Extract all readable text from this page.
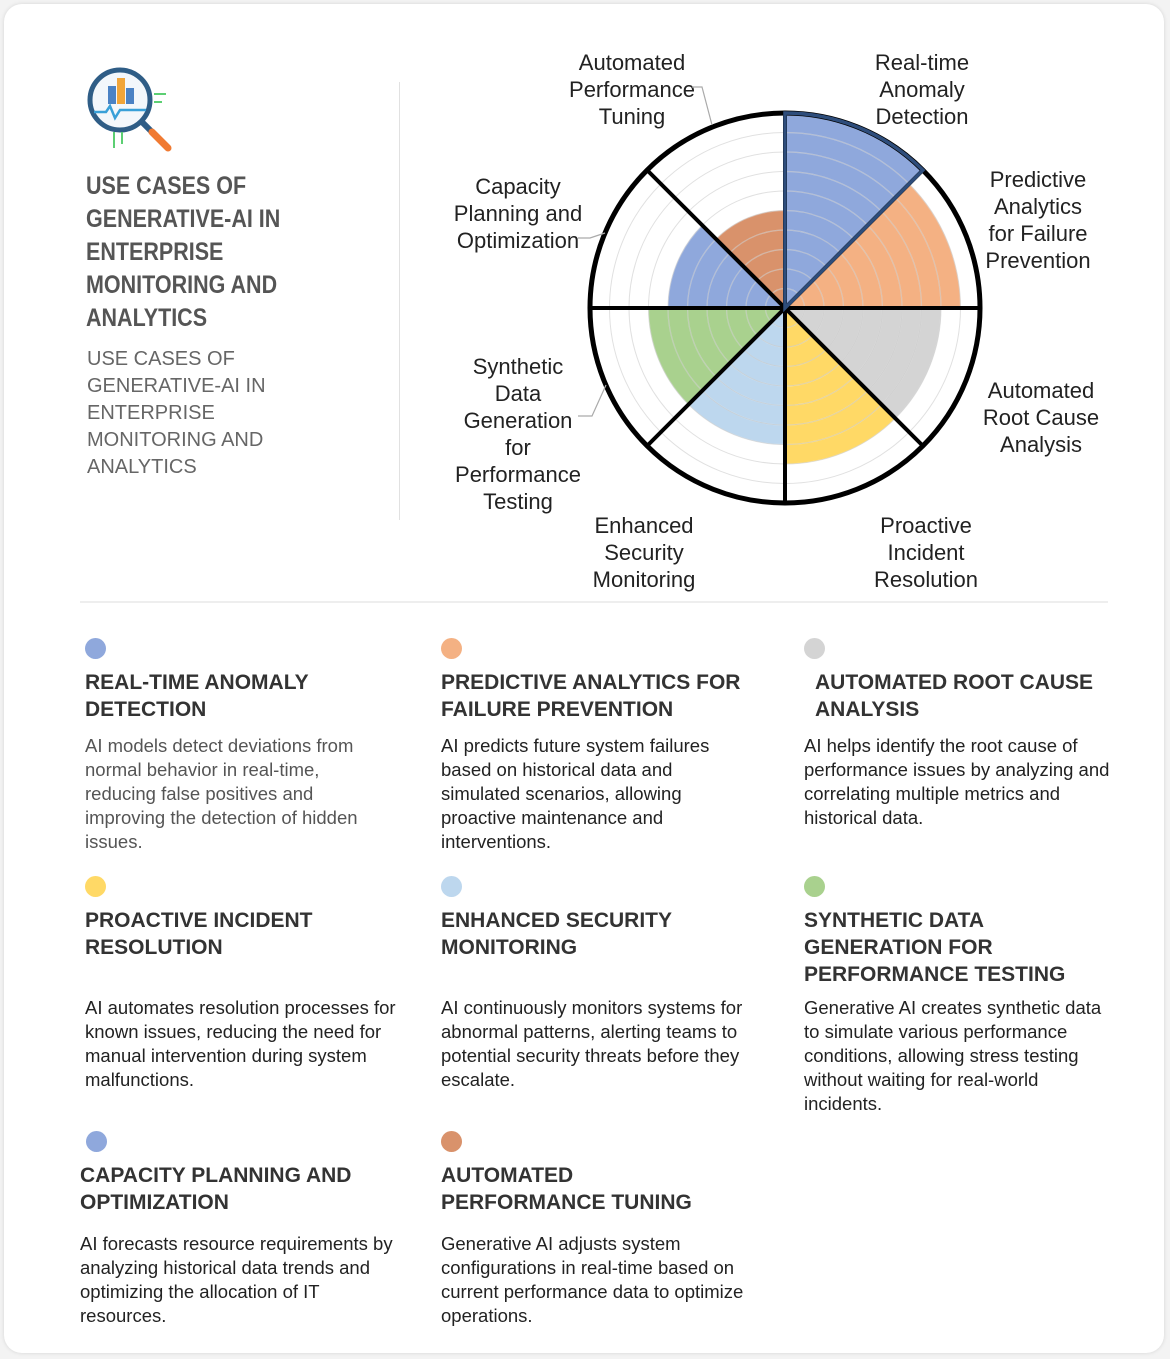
USE CASES OF
GENERATIVE-AI IN
ENTERPRISE
MONITORING AND
ANALYTICS
USE CASES OF
GENERATIVE-AI IN
ENTERPRISE
MONITORING AND
ANALYTICS
Real-time Anomaly Detection
Predictive Analytics for Failure Prevention
Automated Root Cause Analysis
Proactive Incident Resolution
Enhanced Security Monitoring
Synthetic Data Generation for Performance Testing
Capacity Planning and Optimization
Automated Performance Tuning
REAL-TIME ANOMALY DETECTION
AI models detect deviations from normal behavior in real-time, reducing false positives and improving the detection of hidden issues.
PREDICTIVE ANALYTICS FOR FAILURE PREVENTION
AI predicts future system failures based on historical data and simulated scenarios, allowing proactive maintenance and interventions.
AUTOMATED ROOT CAUSE ANALYSIS
AI helps identify the root cause of performance issues by analyzing and correlating multiple metrics and historical data.
PROACTIVE INCIDENT RESOLUTION
AI automates resolution processes for known issues, reducing the need for manual intervention during system malfunctions.
ENHANCED SECURITY MONITORING
AI continuously monitors systems for abnormal patterns, alerting teams to potential security threats before they escalate.
SYNTHETIC DATA GENERATION FOR PERFORMANCE TESTING
Generative AI creates synthetic data to simulate various performance conditions, allowing stress testing without waiting for real-world incidents.
CAPACITY PLANNING AND OPTIMIZATION
AI forecasts resource requirements by analyzing historical data trends and optimizing the allocation of IT resources.
AUTOMATED PERFORMANCE TUNING
Generative AI adjusts system configurations in real-time based on current performance data to optimize operations.
